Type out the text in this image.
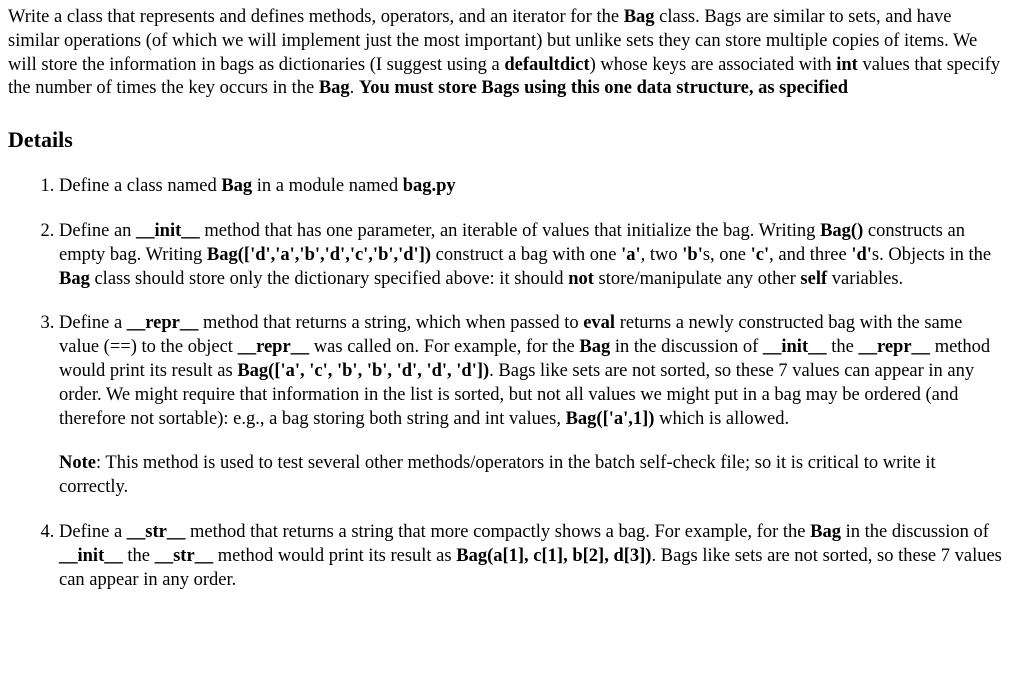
Write a class that represents and defines methods, operators, and an iterator for the Bag class. Bags are similar to sets, and have similar operations (of which we will implement just the most important) but unlike sets they can store multiple copies of items. We will store the information in bags as dictionaries (I suggest using a defaultdict) whose keys are associated with int values that specify the number of times the key occurs in the Bag. You must store Bags using this one data structure, as specified

Details

1. Define a class named Bag in a module named bag.py

2. Define an __init__ method that has one parameter, an iterable of values that initialize the bag. Writing Bag() constructs an empty bag. Writing Bag(['d','a','b','d','c','b','d']) construct a bag with one 'a', two 'b's, one 'c', and three 'd's. Objects in the Bag class should store only the dictionary specified above: it should not store/manipulate any other self variables.

3. Define a __repr__ method that returns a string, which when passed to eval returns a newly constructed bag with the same value (==) to the object __repr__ was called on. For example, for the Bag in the discussion of __init__ the __repr__ method would print its result as Bag(['a', 'c', 'b', 'b', 'd', 'd', 'd']). Bags like sets are not sorted, so these 7 values can appear in any order. We might require that information in the list is sorted, but not all values we might put in a bag may be ordered (and therefore not sortable): e.g., a bag storing both string and int values, Bag(['a',1]) which is allowed.

Note: This method is used to test several other methods/operators in the batch self-check file; so it is critical to write it correctly.

4. Define a __str__ method that returns a string that more compactly shows a bag. For example, for the Bag in the discussion of __init__ the __str__ method would print its result as Bag(a[1], c[1], b[2], d[3]). Bags like sets are not sorted, so these 7 values can appear in any order.
